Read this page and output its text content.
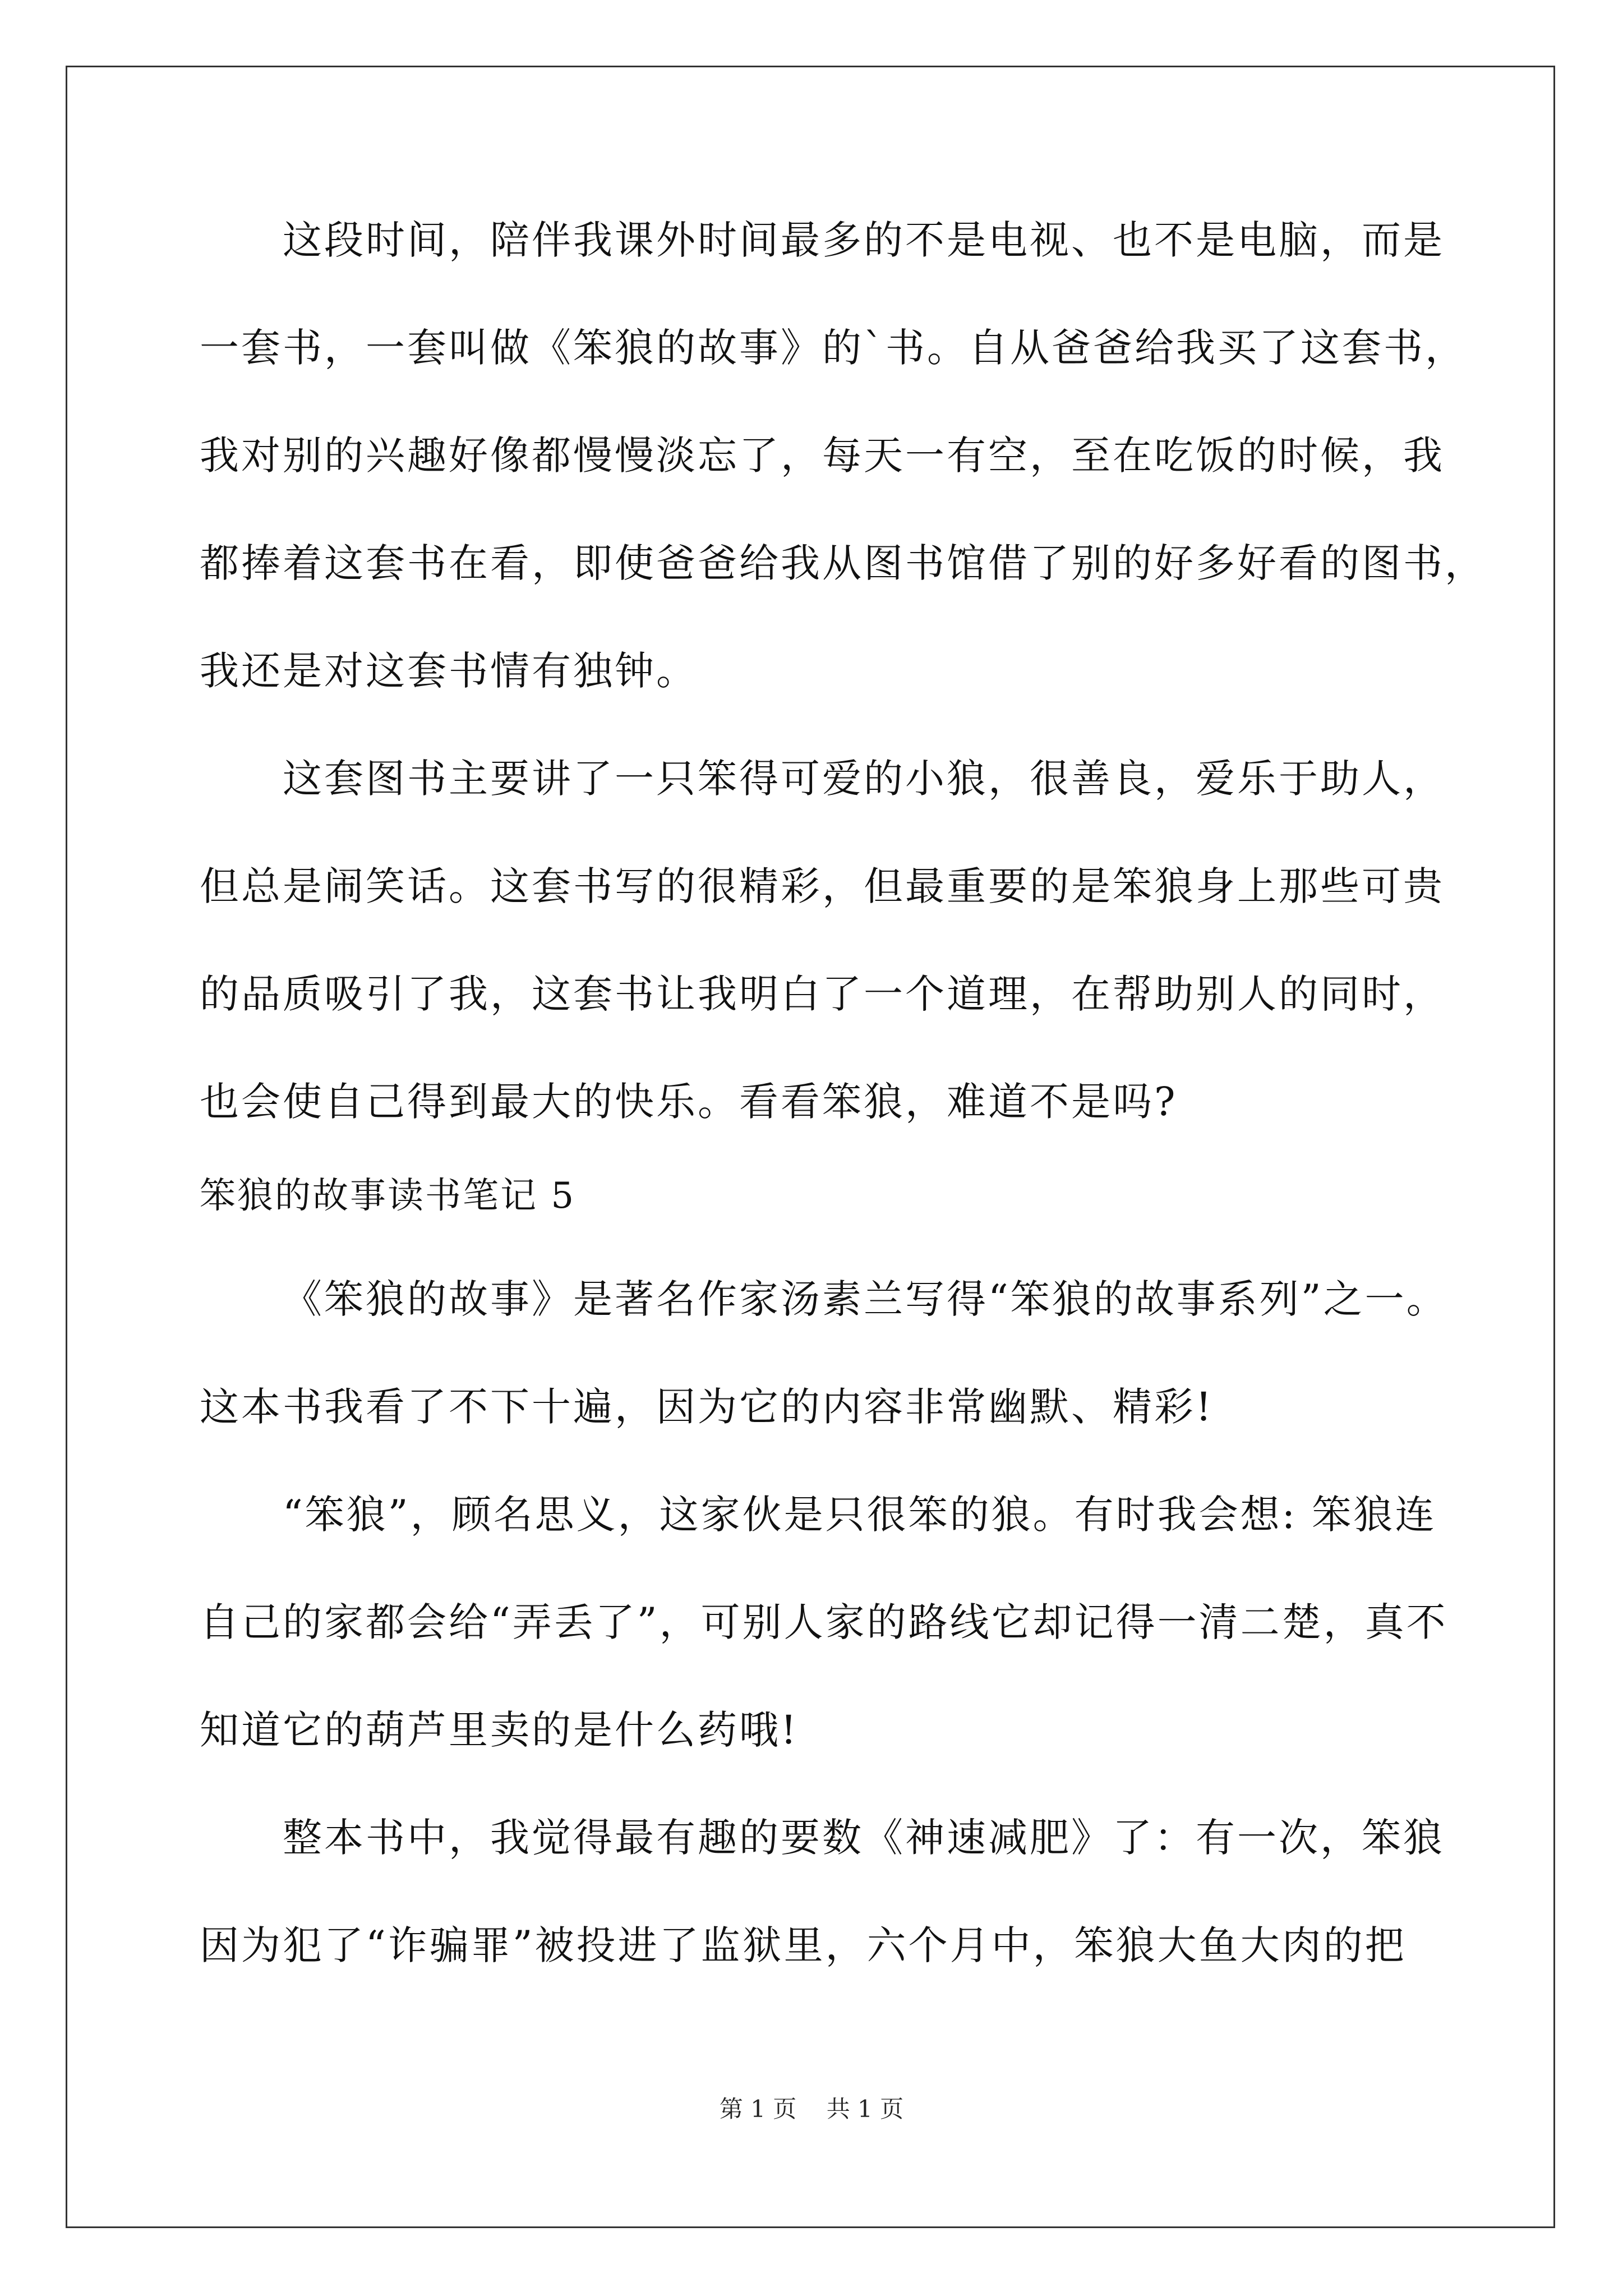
这段时间，陪伴我课外时间最多的不是电视、也不是电脑，而是
一套书，一套叫做《笨狼的故事》的`书。自从爸爸给我买了这套书，
我对别的兴趣好像都慢慢淡忘了，每天一有空，至在吃饭的时候，我
都捧着这套书在看，即使爸爸给我从图书馆借了别的好多好看的图书，
我还是对这套书情有独钟。
这套图书主要讲了一只笨得可爱的小狼，很善良，爱乐于助人，
但总是闹笑话。这套书写的很精彩，但最重要的是笨狼身上那些可贵
的品质吸引了我，这套书让我明白了一个道理，在帮助别人的同时，
也会使自己得到最大的快乐。看看笨狼，难道不是吗?
笨狼的故事读书笔记 5
《笨狼的故事》是著名作家汤素兰写得“笨狼的故事系列”之一。
这本书我看了不下十遍，因为它的内容非常幽默、精彩!
“笨狼”，顾名思义，这家伙是只很笨的狼。有时我会想: 笨狼连
自己的家都会给“弄丢了”，可别人家的路线它却记得一清二楚，真不
知道它的葫芦里卖的是什么药哦!
整本书中，我觉得最有趣的要数《神速减肥》了：有一次，笨狼
因为犯了“诈骗罪”被投进了监狱里，六个月中，笨狼大鱼大肉的把
第 1 页    共 1 页
